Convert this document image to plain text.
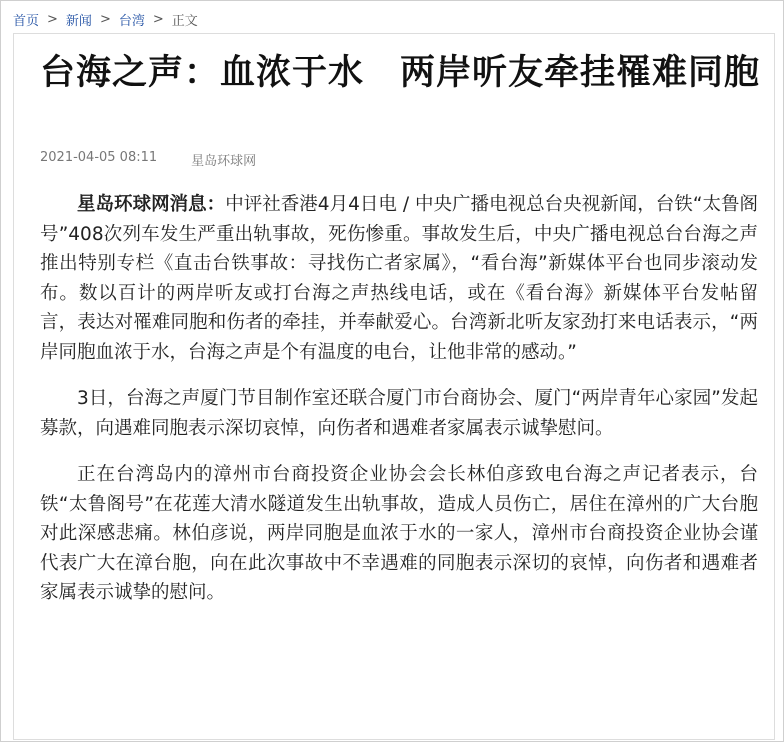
首页 > 新闻 > 台湾 > 正文
台海之声：血浓于水　两岸听友牵挂罹难同胞
2021-04-05 08:11	星岛环球网

星岛环球网消息：中评社香港4月4日电 / 中央广播电视总台央视新闻，台铁“太鲁阁号”408次列车发生严重出轨事故，死伤惨重。事故发生后，中央广播电视总台台海之声推出特别专栏《直击台铁事故：寻找伤亡者家属》，“看台海”新媒体平台也同步滚动发布。数以百计的两岸听友或打台海之声热线电话，或在《看台海》新媒体平台发帖留言，表达对罹难同胞和伤者的牵挂，并奉献爱心。台湾新北听友家劲打来电话表示，“两岸同胞血浓于水，台海之声是个有温度的电台，让他非常的感动。”

3日，台海之声厦门节目制作室还联合厦门市台商协会、厦门“两岸青年心家园”发起募款，向遇难同胞表示深切哀悼，向伤者和遇难者家属表示诚挚慰问。

正在台湾岛内的漳州市台商投资企业协会会长林伯彦致电台海之声记者表示，台铁“太鲁阁号”在花莲大清水隧道发生出轨事故，造成人员伤亡，居住在漳州的广大台胞对此深感悲痛。林伯彦说，两岸同胞是血浓于水的一家人，漳州市台商投资企业协会谨代表广大在漳台胞，向在此次事故中不幸遇难的同胞表示深切的哀悼，向伤者和遇难者家属表示诚挚的慰问。
